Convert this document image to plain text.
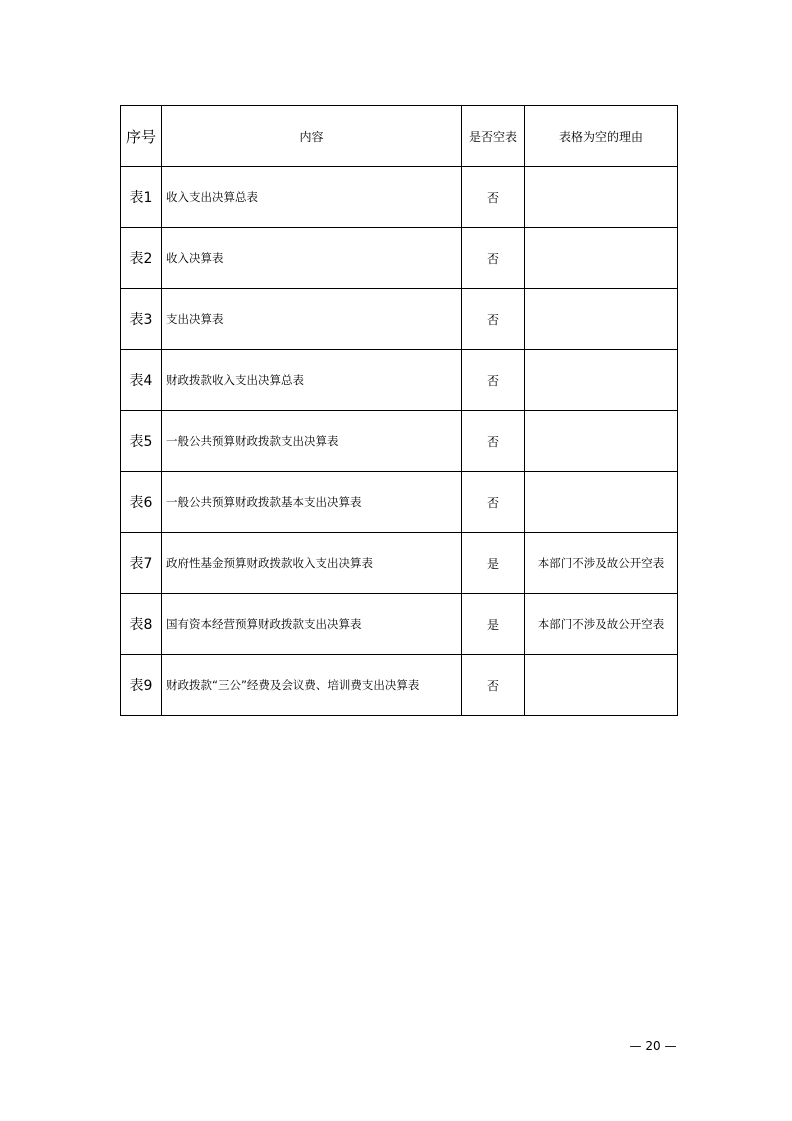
序号	内容	是否空表	表格为空的理由
表1	收入支出决算总表	否	
表2	收入决算表	否	
表3	支出决算表	否	
表4	财政拨款收入支出决算总表	否	
表5	一般公共预算财政拨款支出决算表	否	
表6	一般公共预算财政拨款基本支出决算表	否	
表7	政府性基金预算财政拨款收入支出决算表	是	本部门不涉及故公开空表
表8	国有资本经营预算财政拨款支出决算表	是	本部门不涉及故公开空表
表9	财政拨款“三公”经费及会议费、培训费支出决算表	否	
— 20 —
